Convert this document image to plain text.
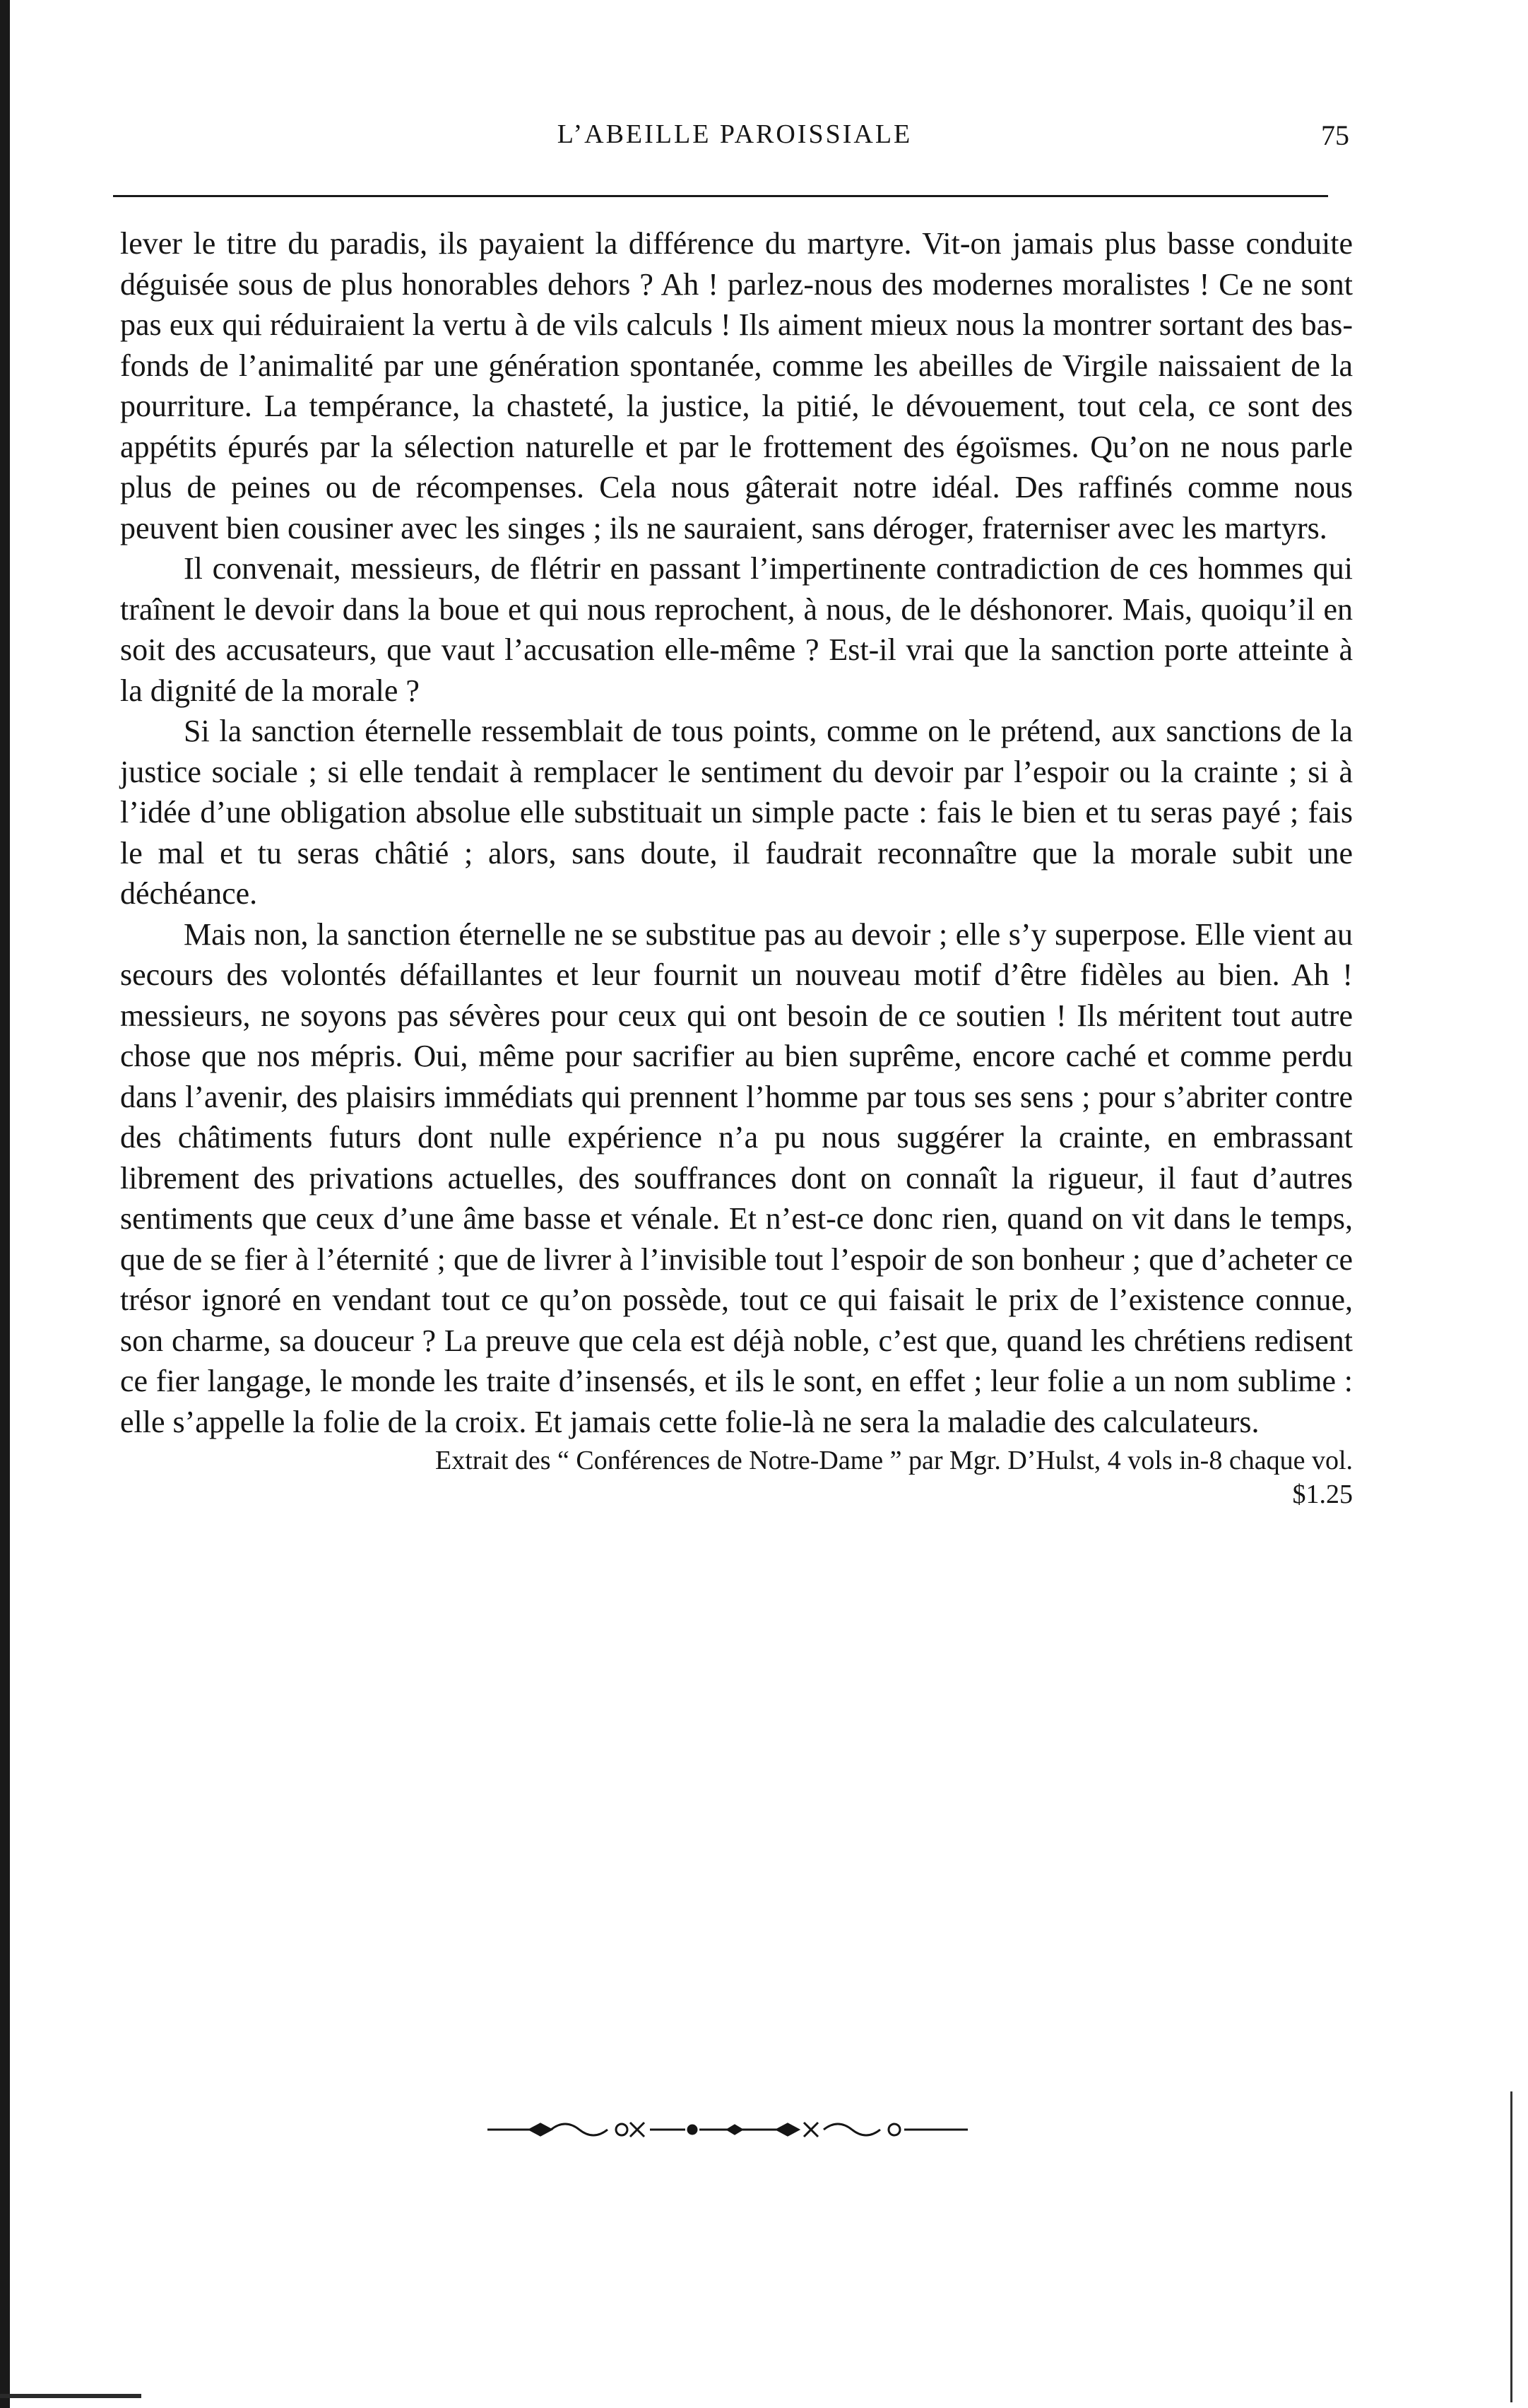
L’ABEILLE PAROISSIALE	75

lever le titre du paradis, ils payaient la différence du martyre. Vit-on jamais plus basse conduite déguisée sous de plus honorables dehors ? Ah ! parlez-nous des modernes moralistes ! Ce ne sont pas eux qui réduiraient la vertu à de vils calculs ! Ils aiment mieux nous la montrer sortant des bas-fonds de l’animalité par une génération spontanée, comme les abeilles de Virgile naissaient de la pourriture. La tempérance, la chasteté, la justice, la pitié, le dévouement, tout cela, ce sont des appétits épurés par la sélection naturelle et par le frottement des égoïsmes. Qu’on ne nous parle plus de peines ou de récompenses. Cela nous gâterait notre idéal. Des raffinés comme nous peuvent bien cousiner avec les singes ; ils ne sauraient, sans déroger, fraterniser avec les martyrs.

Il convenait, messieurs, de flétrir en passant l’impertinente contradiction de ces hommes qui traînent le devoir dans la boue et qui nous reprochent, à nous, de le déshonorer. Mais, quoiqu’il en soit des accusateurs, que vaut l’accusation elle-même ? Est-il vrai que la sanction porte atteinte à la dignité de la morale ?

Si la sanction éternelle ressemblait de tous points, comme on le prétend, aux sanctions de la justice sociale ; si elle tendait à remplacer le sentiment du devoir par l’espoir ou la crainte ; si à l’idée d’une obligation absolue elle substituait un simple pacte : fais le bien et tu seras payé ; fais le mal et tu seras châtié ; alors, sans doute, il faudrait reconnaître que la morale subit une déchéance.

Mais non, la sanction éternelle ne se substitue pas au devoir ; elle s’y superpose. Elle vient au secours des volontés défaillantes et leur fournit un nouveau motif d’être fidèles au bien. Ah ! messieurs, ne soyons pas sévères pour ceux qui ont besoin de ce soutien ! Ils méritent tout autre chose que nos mépris. Oui, même pour sacrifier au bien suprême, encore caché et comme perdu dans l’avenir, des plaisirs immédiats qui prennent l’homme par tous ses sens ; pour s’abriter contre des châtiments futurs dont nulle expérience n’a pu nous suggérer la crainte, en embrassant librement des privations actuelles, des souffrances dont on connaît la rigueur, il faut d’autres sentiments que ceux d’une âme basse et vénale. Et n’est-ce donc rien, quand on vit dans le temps, que de se fier à l’éternité ; que de livrer à l’invisible tout l’espoir de son bonheur ; que d’acheter ce trésor ignoré en vendant tout ce qu’on possède, tout ce qui faisait le prix de l’existence connue, son charme, sa douceur ? La preuve que cela est déjà noble, c’est que, quand les chrétiens redisent ce fier langage, le monde les traite d’insensés, et ils le sont, en effet ; leur folie a un nom sublime : elle s’appelle la folie de la croix. Et jamais cette folie-là ne sera la maladie des calculateurs.

Extrait des “ Conférences de Notre-Dame ” par Mgr. D’Hulst, 4 vols in-8 chaque vol.

$1.25
